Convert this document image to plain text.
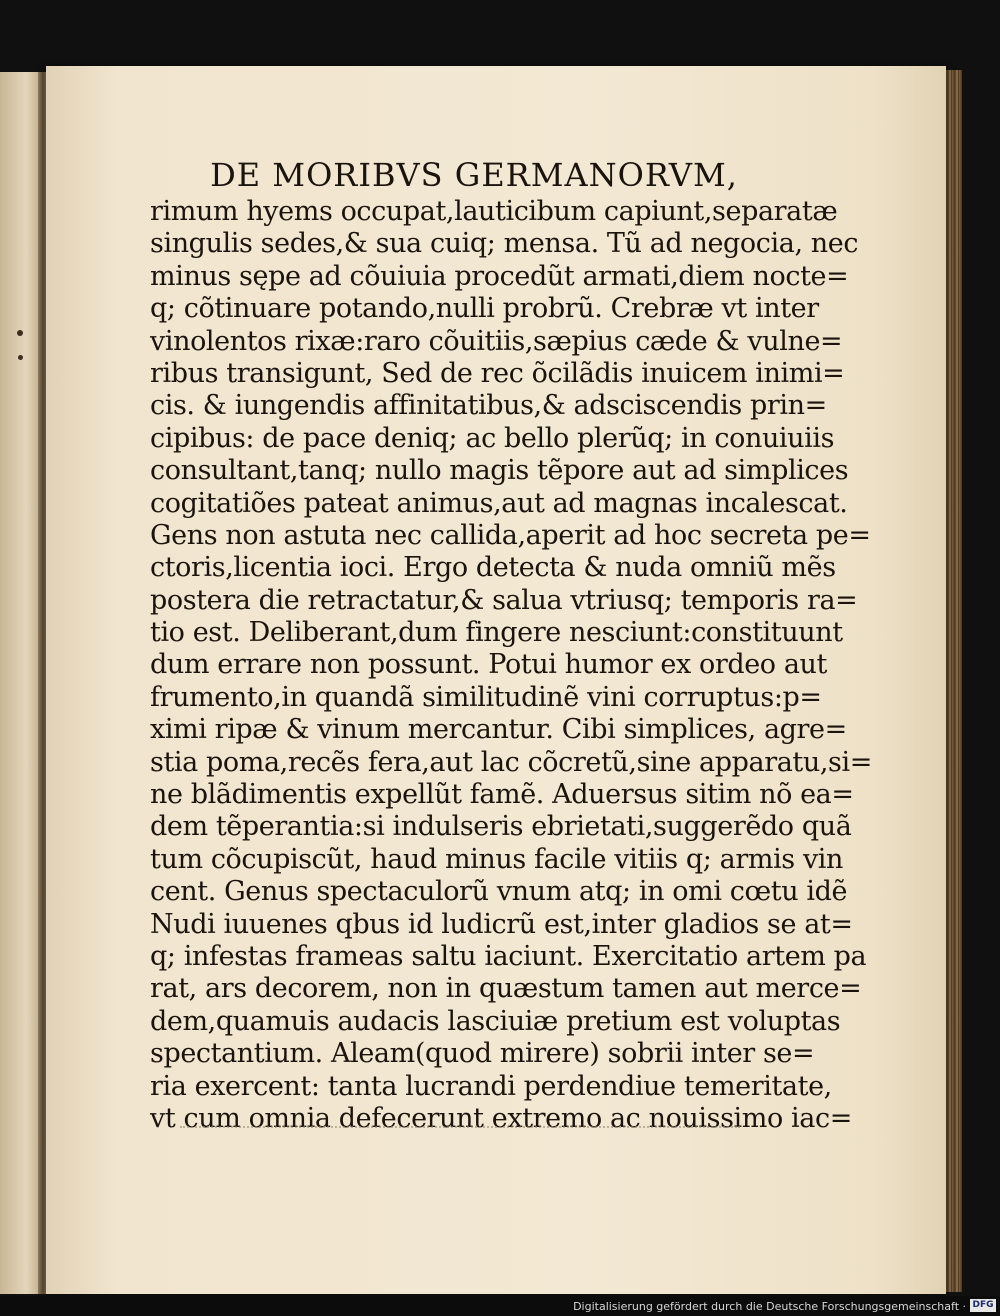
DE MORIBVS GERMANORVM,
rimum hyems occupat,lauticibum capiunt,separatæ
singulis sedes,& sua cuiq; mensa. Tũ ad negocia, nec
minus sępe ad cõuiuia procedũt armati,diem nocte=
q; cõtinuare potando,nulli probrũ. Crebræ vt inter
vinolentos rixæ:raro cõuitiis,sæpius cæde & vulne=
ribus transigunt, Sed de rec õcilãdis inuicem inimi=
cis. & iungendis affinitatibus,& adsciscendis prin=
cipibus: de pace deniq; ac bello plerũq; in conuiuiis
consultant,tanq; nullo magis tẽpore aut ad simplices
cogitatiões pateat animus,aut ad magnas incalescat.
Gens non astuta nec callida,aperit ad hoc secreta pe=
ctoris,licentia ioci. Ergo detecta & nuda omniũ mẽs
postera die retractatur,& salua vtriusq; temporis ra=
tio est. Deliberant,dum fingere nesciunt:constituunt
dum errare non possunt. Potui humor ex ordeo aut
frumento,in quandã similitudinẽ vini corruptus:p=
ximi ripæ & vinum mercantur. Cibi simplices, agre=
stia poma,recẽs fera,aut lac cõcretũ,sine apparatu,si=
ne blãdimentis expellũt famẽ. Aduersus sitim nõ ea=
dem tẽperantia:si indulseris ebrietati,suggerẽdo quã
tum cõcupiscũt, haud minus facile vitiis q; armis vin
cent. Genus spectaculorũ vnum atq; in omi cœtu idẽ
Nudi iuuenes qbus id ludicrũ est,inter gladios se at=
q; infestas frameas saltu iaciunt. Exercitatio artem pa
rat, ars decorem, non in quæstum tamen aut merce=
dem,quamuis audacis lasciuiæ pretium est voluptas
spectantium. Aleam(quod mirere) sobrii inter se=
ria exercent: tanta lucrandi perdendiue temeritate,
vt cum omnia defecerunt extremo ac nouissimo iac=
Digitalisierung gefördert durch die Deutsche Forschungsgemeinschaft · DFG
